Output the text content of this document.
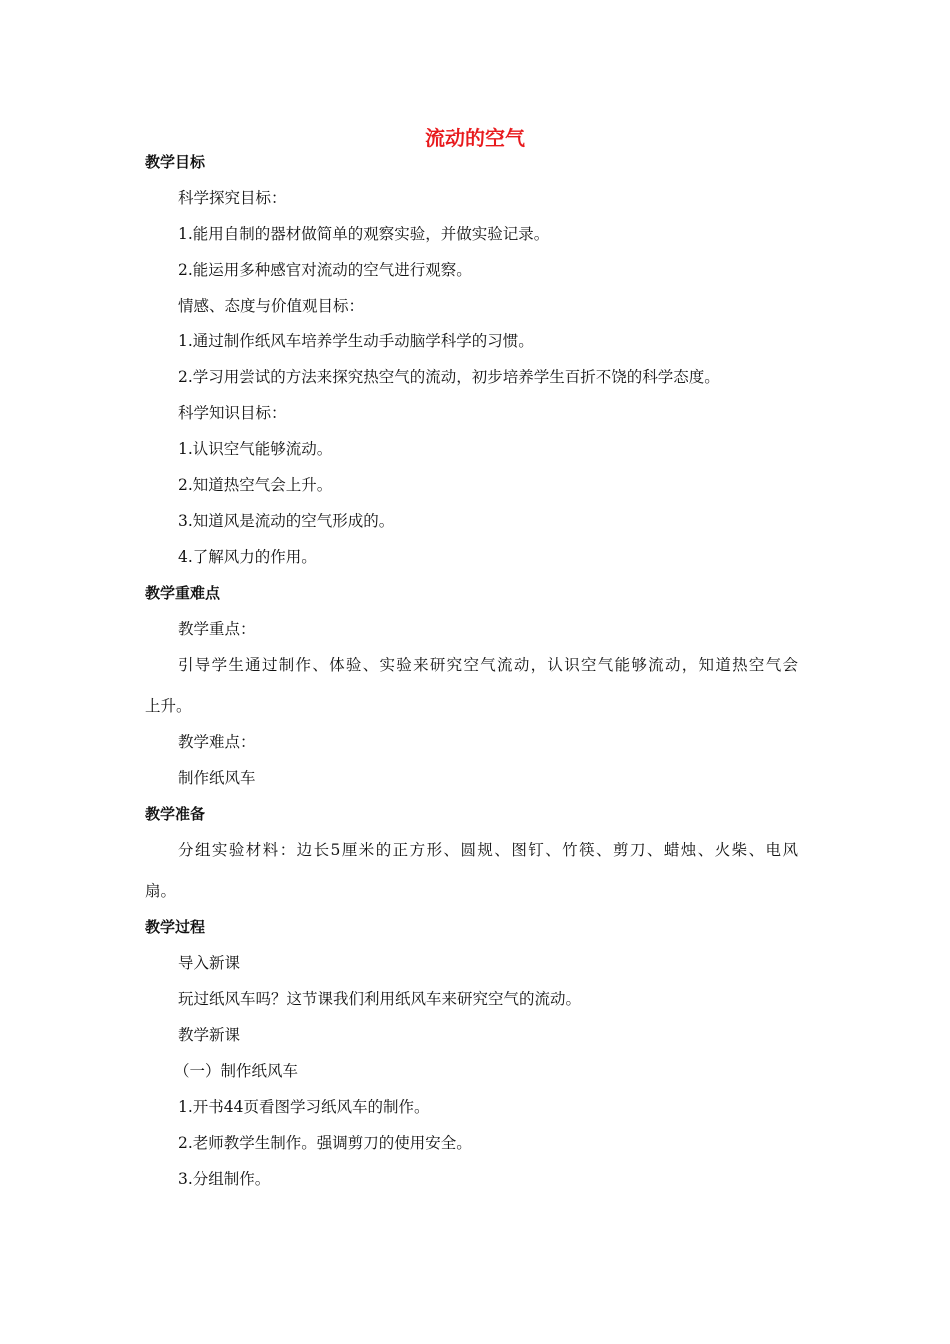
流动的空气
教学目标
科学探究目标：
1.能用自制的器材做简单的观察实验，并做实验记录。
2.能运用多种感官对流动的空气进行观察。
情感、态度与价值观目标：
1.通过制作纸风车培养学生动手动脑学科学的习惯。
2.学习用尝试的方法来探究热空气的流动，初步培养学生百折不饶的科学态度。
科学知识目标：
1.认识空气能够流动。
2.知道热空气会上升。
3.知道风是流动的空气形成的。
4.了解风力的作用。
教学重难点
教学重点：
引导学生通过制作、体验、实验来研究空气流动，认识空气能够流动，知道热空气会
上升。
教学难点：
制作纸风车
教学准备
分组实验材料：边长5厘米的正方形、圆规、图钉、竹筷、剪刀、蜡烛、火柴、电风
扇。
教学过程
导入新课
玩过纸风车吗？这节课我们利用纸风车来研究空气的流动。
教学新课
（一）制作纸风车
1.开书44页看图学习纸风车的制作。
2.老师教学生制作。强调剪刀的使用安全。
3.分组制作。
